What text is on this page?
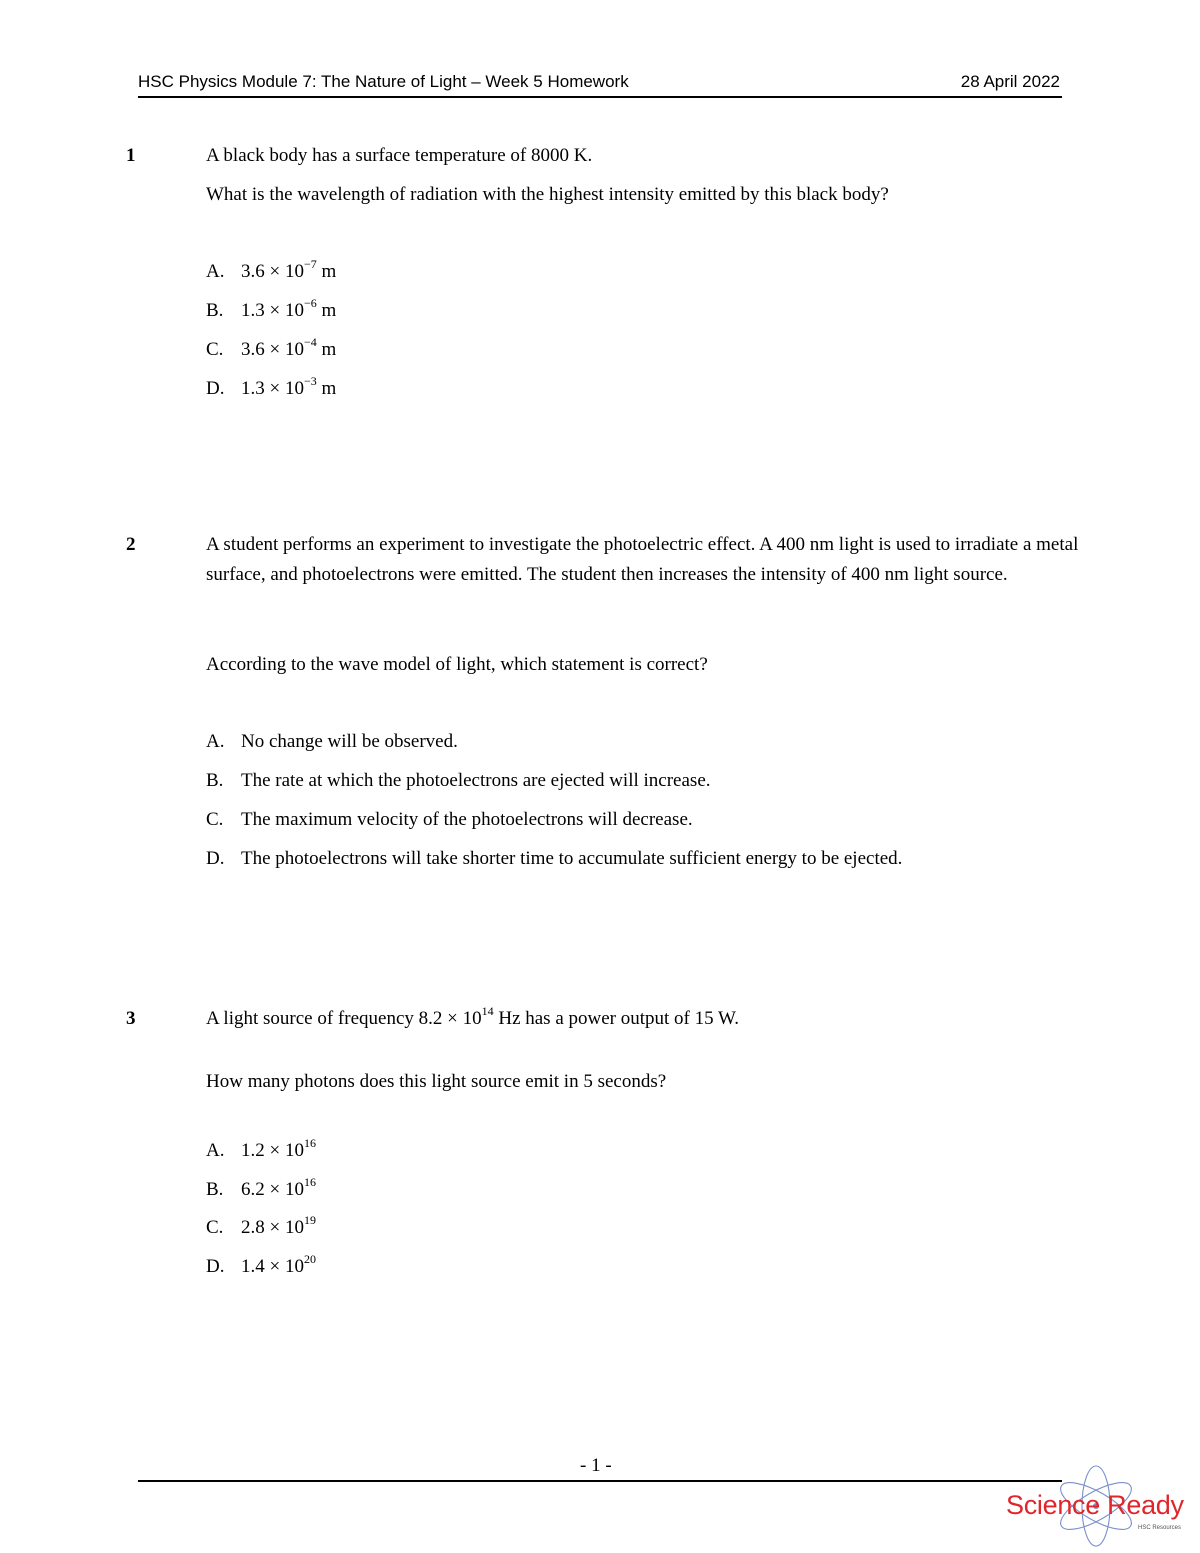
HSC Physics Module 7: The Nature of Light – Week 5 Homework	28 April 2022
1	A black body has a surface temperature of 8000 K.
What is the wavelength of radiation with the highest intensity emitted by this black body?
A. $3.6 \times 10^{-7}$ m
B. $1.3 \times 10^{-6}$ m
C. $3.6 \times 10^{-4}$ m
D. $1.3 \times 10^{-3}$ m
2	A student performs an experiment to investigate the photoelectric effect. A 400 nm light is used to irradiate a metal surface, and photoelectrons were emitted. The student then increases the intensity of 400 nm light source.
According to the wave model of light, which statement is correct?
A. No change will be observed.
B. The rate at which the photoelectrons are ejected will increase.
C. The maximum velocity of the photoelectrons will decrease.
D. The photoelectrons will take shorter time to accumulate sufficient energy to be ejected.
3	A light source of frequency $8.2 \times 10^{14}$ Hz has a power output of 15 W.
How many photons does this light source emit in 5 seconds?
A. $1.2 \times 10^{16}$
B. $6.2 \times 10^{16}$
C. $2.8 \times 10^{19}$
D. $1.4 \times 10^{20}$
- 1 -
Science Ready
HSC Resources
